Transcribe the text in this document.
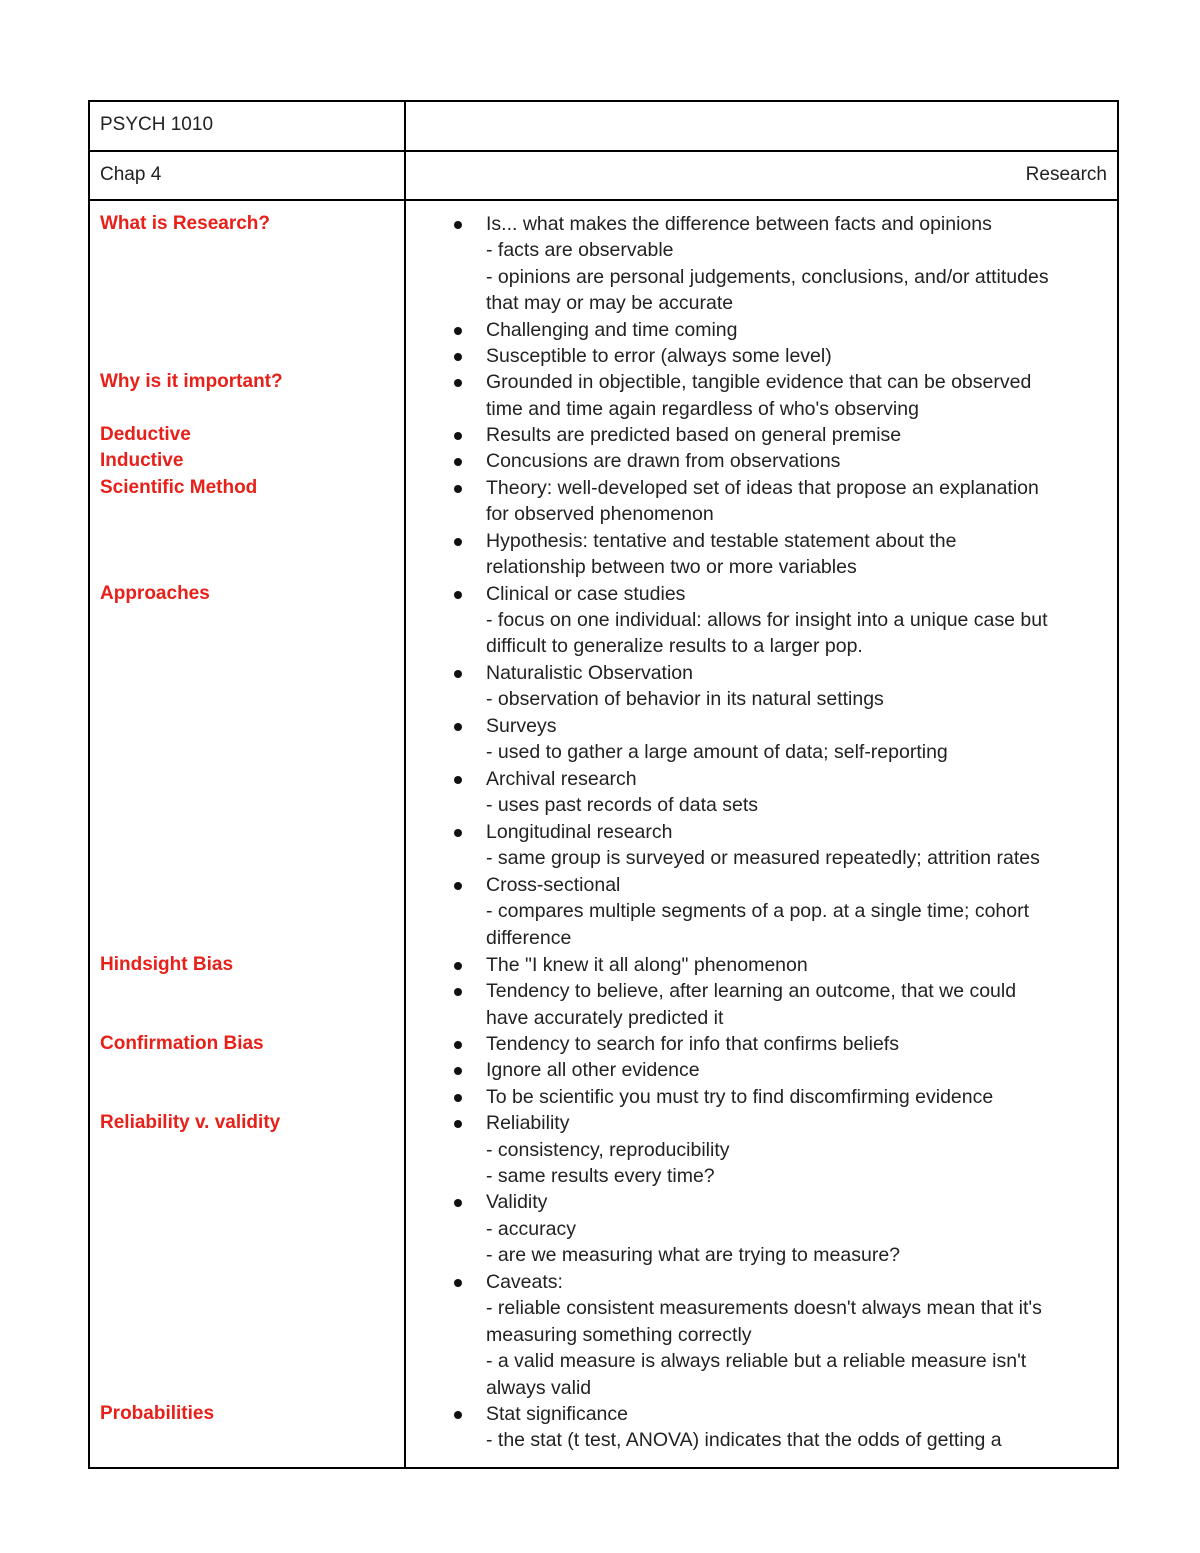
PSYCH 1010
Chap 4	Research
What is Research?
Why is it important?
Deductive
Inductive
Scientific Method
Approaches
Hindsight Bias
Confirmation Bias
Reliability v. validity
Probabilities
Is... what makes the difference between facts and opinions
- facts are observable
- opinions are personal judgements, conclusions, and/or attitudes
that may or may be accurate
Challenging and time coming
Susceptible to error (always some level)
Grounded in objectible, tangible evidence that can be observed
time and time again regardless of who's observing
Results are predicted based on general premise
Concusions are drawn from observations
Theory: well-developed set of ideas that propose an explanation
for observed phenomenon
Hypothesis: tentative and testable statement about the
relationship between two or more variables
Clinical or case studies
- focus on one individual: allows for insight into a unique case but
difficult to generalize results to a larger pop.
Naturalistic Observation
- observation of behavior in its natural settings
Surveys
- used to gather a large amount of data; self-reporting
Archival research
- uses past records of data sets
Longitudinal research
- same group is surveyed or measured repeatedly; attrition rates
Cross-sectional
- compares multiple segments of a pop. at a single time; cohort
difference
The "I knew it all along" phenomenon
Tendency to believe, after learning an outcome, that we could
have accurately predicted it
Tendency to search for info that confirms beliefs
Ignore all other evidence
To be scientific you must try to find discomfirming evidence
Reliability
- consistency, reproducibility
- same results every time?
Validity
- accuracy
- are we measuring what are trying to measure?
Caveats:
- reliable consistent measurements doesn't always mean that it's
measuring something correctly
- a valid measure is always reliable but a reliable measure isn't
always valid
Stat significance
- the stat (t test, ANOVA) indicates that the odds of getting a
